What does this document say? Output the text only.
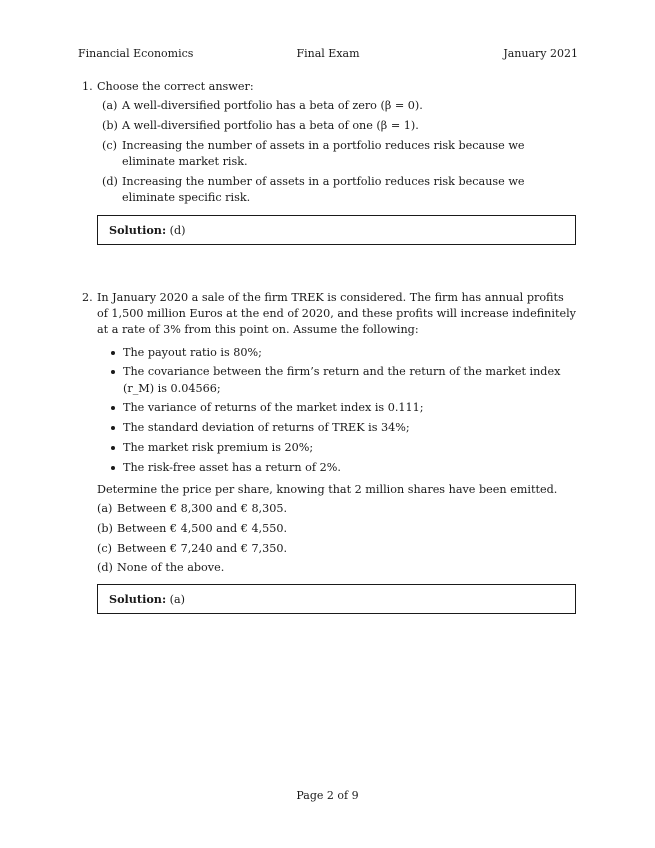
Financial Economics	Final Exam	January 2021
1. Choose the correct answer:

(a) A well-diversified portfolio has a beta of zero (β = 0).
(b) A well-diversified portfolio has a beta of one (β = 1).
(c) Increasing the number of assets in a portfolio reduces risk because we eliminate market risk.
(d) Increasing the number of assets in a portfolio reduces risk because we eliminate specific risk.
Solution: (d)
2. In January 2020 a sale of the firm TREK is considered. The firm has annual profits of 1,500 million Euros at the end of 2020, and these profits will increase indefinitely at a rate of 3% from this point on. Assume the following:

The payout ratio is 80%;
The covariance between the firm’s return and the return of the market index (r_M) is 0.04566;
The variance of returns of the market index is 0.111;
The standard deviation of returns of TREK is 34%;
The market risk premium is 20%;
The risk-free asset has a return of 2%.

Determine the price per share, knowing that 2 million shares have been emitted.

(a) Between € 8,300 and € 8,305.
(b) Between € 4,500 and € 4,550.
(c) Between € 7,240 and € 7,350.
(d) None of the above.
Solution: (a)
Page 2 of 9
